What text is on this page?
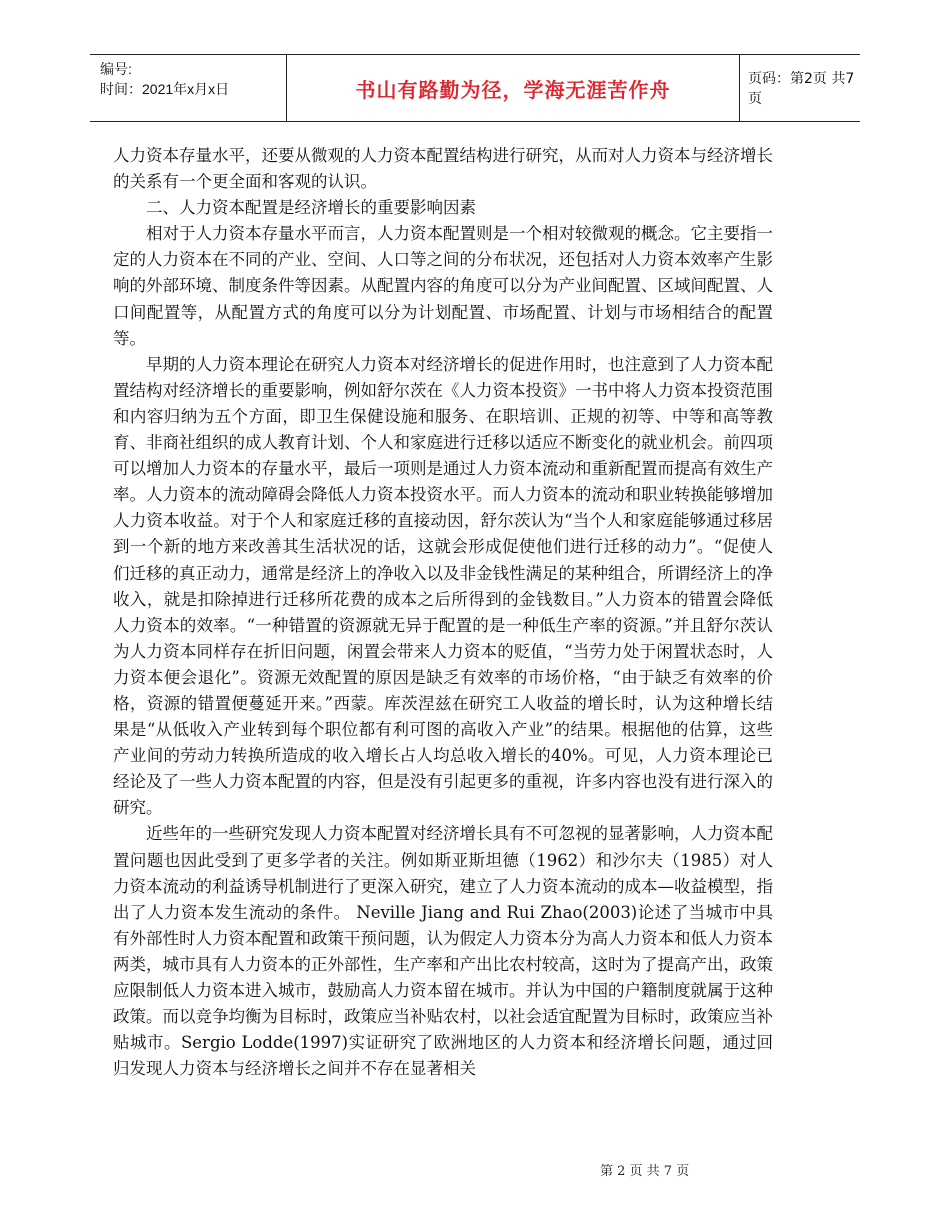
编号:
时间：2021年x月x日	书山有路勤为径，学海无涯苦作舟	页码：第2页 共7页

人力资本存量水平，还要从微观的人力资本配置结构进行研究，从而对人力资本与经济增长的关系有一个更全面和客观的认识。

二、人力资本配置是经济增长的重要影响因素

相对于人力资本存量水平而言，人力资本配置则是一个相对较微观的概念。它主要指一定的人力资本在不同的产业、空间、人口等之间的分布状况，还包括对人力资本效率产生影响的外部环境、制度条件等因素。从配置内容的角度可以分为产业间配置、区域间配置、人口间配置等，从配置方式的角度可以分为计划配置、市场配置、计划与市场相结合的配置等。

早期的人力资本理论在研究人力资本对经济增长的促进作用时，也注意到了人力资本配置结构对经济增长的重要影响，例如舒尔茨在《人力资本投资》一书中将人力资本投资范围和内容归纳为五个方面，即卫生保健设施和服务、在职培训、正规的初等、中等和高等教育、非商社组织的成人教育计划、个人和家庭进行迁移以适应不断变化的就业机会。前四项可以增加人力资本的存量水平，最后一项则是通过人力资本流动和重新配置而提高有效生产率。人力资本的流动障碍会降低人力资本投资水平。而人力资本的流动和职业转换能够增加人力资本收益。对于个人和家庭迁移的直接动因，舒尔茨认为“当个人和家庭能够通过移居到一个新的地方来改善其生活状况的话，这就会形成促使他们进行迁移的动力”。“促使人们迁移的真正动力，通常是经济上的净收入以及非金钱性满足的某种组合，所谓经济上的净收入，就是扣除掉进行迁移所花费的成本之后所得到的金钱数目。”人力资本的错置会降低人力资本的效率。“一种错置的资源就无异于配置的是一种低生产率的资源。”并且舒尔茨认为人力资本同样存在折旧问题，闲置会带来人力资本的贬值，“当劳力处于闲置状态时，人力资本便会退化”。资源无效配置的原因是缺乏有效率的市场价格，“由于缺乏有效率的价格，资源的错置便蔓延开来。”西蒙。库茨涅兹在研究工人收益的增长时，认为这种增长结果是“从低收入产业转到每个职位都有利可图的高收入产业”的结果。根据他的估算，这些产业间的劳动力转换所造成的收入增长占人均总收入增长的40%。可见，人力资本理论已经论及了一些人力资本配置的内容，但是没有引起更多的重视，许多内容也没有进行深入的研究。

近些年的一些研究发现人力资本配置对经济增长具有不可忽视的显著影响，人力资本配置问题也因此受到了更多学者的关注。例如斯亚斯坦德（1962）和沙尔夫（1985）对人力资本流动的利益诱导机制进行了更深入研究，建立了人力资本流动的成本—收益模型，指出了人力资本发生流动的条件。 Neville Jiang and Rui Zhao(2003)论述了当城市中具有外部性时人力资本配置和政策干预问题，认为假定人力资本分为高人力资本和低人力资本两类，城市具有人力资本的正外部性，生产率和产出比农村较高，这时为了提高产出，政策应限制低人力资本进入城市，鼓励高人力资本留在城市。并认为中国的户籍制度就属于这种政策。而以竞争均衡为目标时，政策应当补贴农村，以社会适宜配置为目标时，政策应当补贴城市。Sergio Lodde(1997)实证研究了欧洲地区的人力资本和经济增长问题，通过回归发现人力资本与经济增长之间并不存在显著相关

第 2 页 共 7 页
